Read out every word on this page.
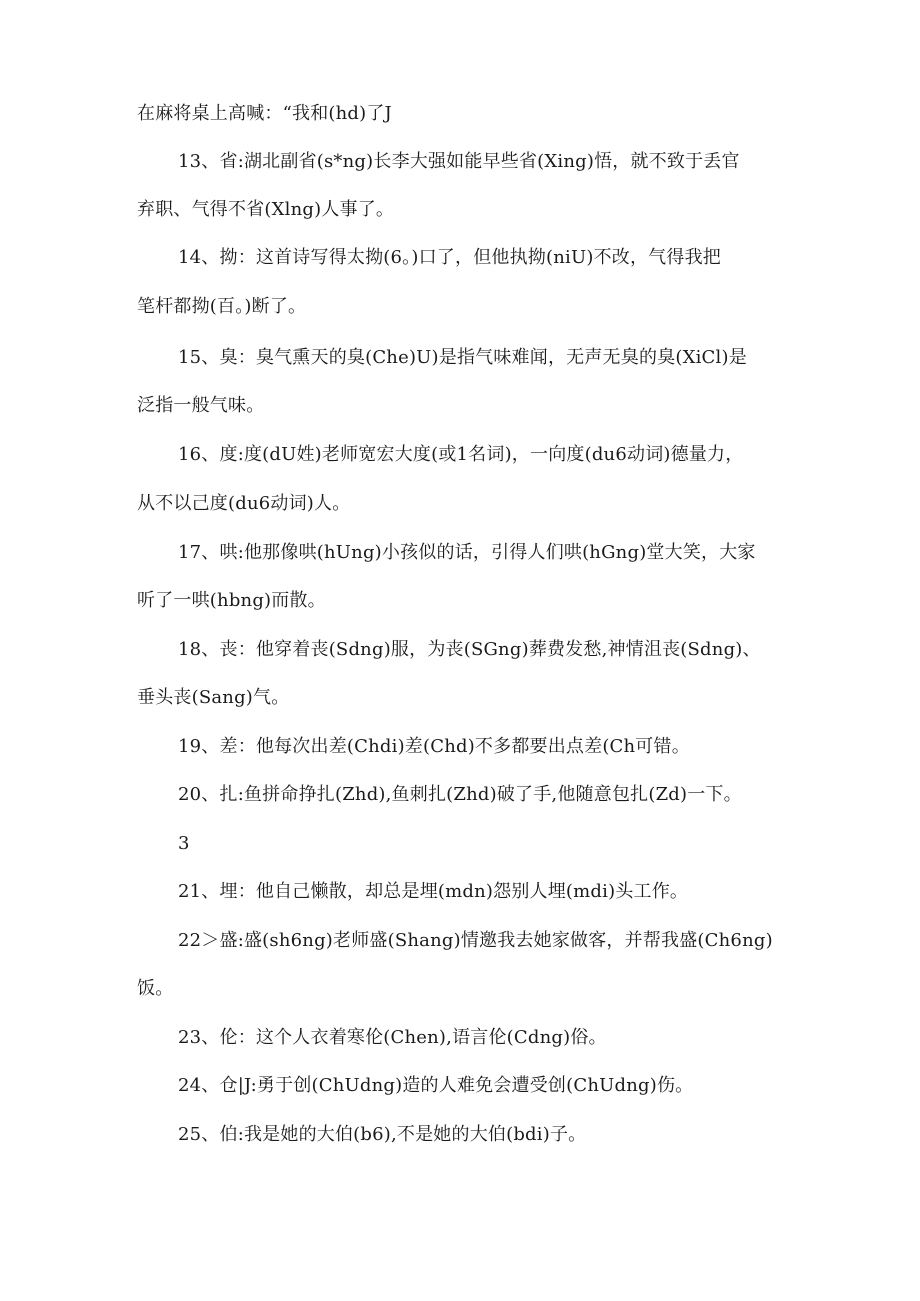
在麻将桌上高喊：“我和(hd)了J

13、省:湖北副省(s*ng)长李大强如能早些省(Xing)悟，就不致于丢官

弃职、气得不省(Xlng)人事了。

14、拗：这首诗写得太拗(6。)口了，但他执拗(niU)不改，气得我把

笔杆都拗(百。)断了。

15、臭：臭气熏天的臭(Che)U)是指气味难闻，无声无臭的臭(XiCl)是

泛指一般气味。

16、度:度(dU姓)老师宽宏大度(或1名词)，一向度(du6动词)德量力，

从不以己度(du6动词)人。

17、哄:他那像哄(hUng)小孩似的话，引得人们哄(hGng)堂大笑，大家

听了一哄(hbng)而散。

18、丧：他穿着丧(Sdng)服，为丧(SGng)葬费发愁,神情沮丧(Sdng)、

垂头丧(Sang)气。

19、差：他每次出差(Chdi)差(Chd)不多都要出点差(Ch可错。

20、扎:鱼拼命挣扎(Zhd),鱼刺扎(Zhd)破了手,他随意包扎(Zd)一下。

3

21、埋：他自己懒散，却总是埋(mdn)怨别人埋(mdi)头工作。

22＞盛:盛(sh6ng)老师盛(Shang)情邀我去她家做客，并帮我盛(Ch6ng)

饭。

23、伦：这个人衣着寒伦(Chen),语言伦(Cdng)俗。

24、仓|J:勇于创(ChUdng)造的人难免会遭受创(ChUdng)伤。

25、伯:我是她的大伯(b6),不是她的大伯(bdi)子。
